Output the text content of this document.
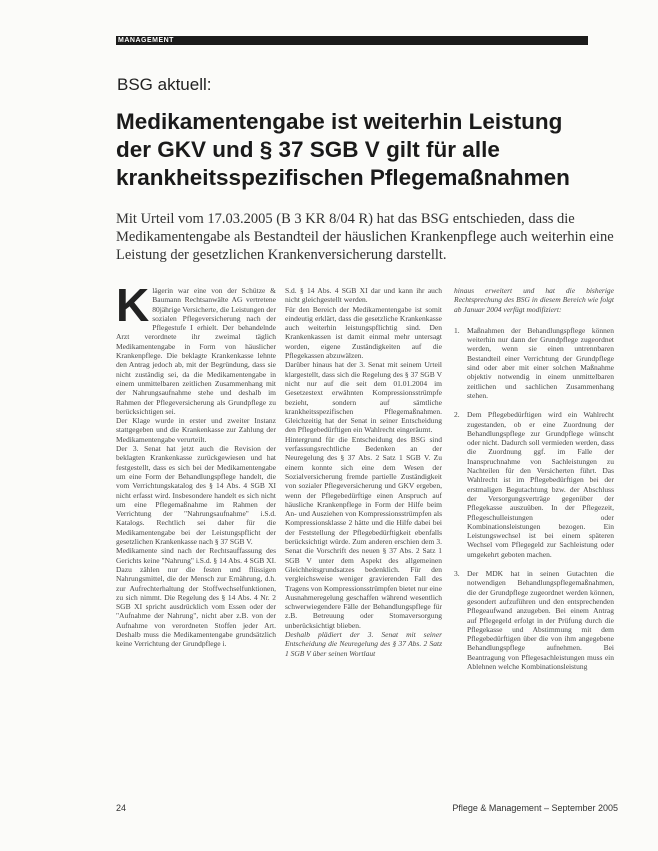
MANAGEMENT
BSG aktuell:
Medikamentengabe ist weiterhin Leistung
der GKV und § 37 SGB V gilt für alle
krankheitsspezifischen Pflegemaßnahmen
Mit Urteil vom 17.03.2005 (B 3 KR 8/04 R) hat das BSG entschieden, dass die Medikamentengabe als Bestandteil der häuslichen Krankenpflege auch weiterhin eine Leistung der gesetzlichen Krankenversicherung darstellt.
K lägerin war eine von der Schütze & Baumann Rechtsanwälte AG vertretene 80jährige Versicherte, die Leistungen der sozialen Pflegeversicherung nach der Pflegestufe I erhielt. Der behandelnde Arzt verordnete ihr zweimal täglich Medikamentengabe in Form von häuslicher Krankenpflege. Die beklagte Krankenkasse lehnte den Antrag jedoch ab, mit der Begründung, dass sie nicht zuständig sei, da die Medikamentengabe in einem unmittelbaren zeitlichen Zusammenhang mit der Nahrungsaufnahme stehe und deshalb im Rahmen der Pflegeversicherung als Grundpflege zu berücksichtigen sei.

Der Klage wurde in erster und zweiter Instanz stattgegeben und die Krankenkasse zur Zahlung der Medikamentengabe verurteilt.

Der 3. Senat hat jetzt auch die Revision der beklagten Krankenkasse zurückgewiesen und hat festgestellt, dass es sich bei der Medikamentengabe um eine Form der Behandlungspflege handelt, die vom Verrichtungskatalog des § 14 Abs. 4 SGB XI nicht erfasst wird. Insbesondere handelt es sich nicht um eine Pflegemaßnahme im Rahmen der Verrichtung der "Nahrungsaufnahme" i.S.d. Katalogs. Rechtlich sei daher für die Medikamentengabe bei der Leistungspflicht der gesetzlichen Krankenkasse nach § 37 SGB V.

Medikamente sind nach der Rechtsauffassung des Gerichts keine "Nahrung" i.S.d. § 14 Abs. 4 SGB XI. Dazu zählen nur die festen und flüssigen Nahrungsmittel, die der Mensch zur Ernährung, d.h. zur Aufrechterhaltung der Stoffwechselfunktionen, zu sich nimmt. Die Regelung des § 14 Abs. 4 Nr. 2 SGB XI spricht ausdrücklich vom Essen oder der "Aufnahme der Nahrung", nicht aber z.B. von der Aufnahme von verordneten Stoffen jeder Art. Deshalb muss die Medikamentengabe grundsätzlich keine Verrichtung der Grundpflege i.

S.d. § 14 Abs. 4 SGB XI dar und kann ihr auch nicht gleichgestellt werden.

Für den Bereich der Medikamentengabe ist somit eindeutig erklärt, dass die gesetzliche Krankenkasse auch weiterhin leistungspflichtig sind. Den Krankenkassen ist damit einmal mehr untersagt worden, eigene Zuständigkeiten auf die Pflegekassen abzuwälzen.

Darüber hinaus hat der 3. Senat mit seinem Urteil klargestellt, dass sich die Regelung des § 37 SGB V nicht nur auf die seit dem 01.01.2004 im Gesetzestext erwähnten Kompressionsstrümpfe bezieht, sondern auf sämtliche krankheitsspezifischen Pflegemaßnahmen. Gleichzeitig hat der Senat in seiner Entscheidung den Pflegebedürftigen ein Wahlrecht eingeräumt.

Hintergrund für die Entscheidung des BSG sind verfassungsrechtliche Bedenken an der Neuregelung des § 37 Abs. 2 Satz 1 SGB V. Zu einem konnte sich eine dem Wesen der Sozialversicherung fremde partielle Zuständigkeit von sozialer Pflegeversicherung und GKV ergeben, wenn der Pflegebedürftige einen Anspruch auf häusliche Krankenpflege in Form der Hilfe beim An- und Ausziehen von Kompressionsstrümpfen als Kompressionsklasse 2 hätte und die Hilfe dabei bei der Feststellung der Pflegebedürftigkeit ebenfalls berücksichtigt würde. Zum anderen erschien dem 3. Senat die Vorschrift des neuen § 37 Abs. 2 Satz 1 SGB V unter dem Aspekt des allgemeinen Gleichheitsgrundsatzes bedenklich. Für den vergleichsweise weniger gravierenden Fall des Tragens von Kompressionsstrümpfen bietet nur eine Ausnahmeregelung geschaffen während wesentlich schwerwiegendere Fälle der Behandlungspflege für z.B. Betreuung oder Stomaversorgung unberücksichtigt blieben.

Deshalb plädiert der 3. Senat mit seiner Entscheidung die Neuregelung des § 37 Abs. 2 Satz 1 SGB V über seinen Wortlaut

hinaus erweitert und hat die bisherige Rechtsprechung des BSG in diesem Bereich wie folgt ab Januar 2004 verfügt modifiziert:

1. Maßnahmen der Behandlungspflege können weiterhin nur dann der Grundpflege zugeordnet werden, wenn sie einen untrennbaren Bestandteil einer Verrichtung der Grundpflege sind oder aber mit einer solchen Maßnahme objektiv notwendig in einem unmittelbaren zeitlichen und sachlichen Zusammenhang stehen.
2. Dem Pflegebedürftigen wird ein Wahlrecht zugestanden, ob er eine Zuordnung der Behandlungspflege zur Grundpflege wünscht oder nicht. Dadurch soll vermieden werden, dass die Zuordnung ggf. im Falle der Inanspruchnahme von Sachleistungen zu Nachteilen für den Versicherten führt. Das Wahlrecht ist im Pflegebedürftigen bei der erstmaligen Begutachtung bzw. der Abschluss der Versorgungsverträge gegenüber der Pflegekasse auszuüben. In der Pflegezeit, Pflegeschulleistungen oder Kombinationsleistungen bezogen. Ein Leistungswechsel ist bei einem späteren Wechsel vom Pflegegeld zur Sachleistung oder umgekehrt geboten machen.
3. Der MDK hat in seinen Gutachten die notwendigen Behandlungspflegemaßnahmen, die der Grundpflege zugeordnet werden können, gesondert aufzuführen und den entsprechenden Pflegeaufwand anzugeben. Bei einem Antrag auf Pflegegeld erfolgt in der Prüfung durch die Pflegekasse und Abstimmung mit dem Pflegebedürftigen über die von ihm angegebene Behandlungspflege aufnehmen. Bei Beantragung von Pflegesachleistungen muss ein Ablehnen welche Kombinationsleistung
24	Pflege & Management – September 2005
